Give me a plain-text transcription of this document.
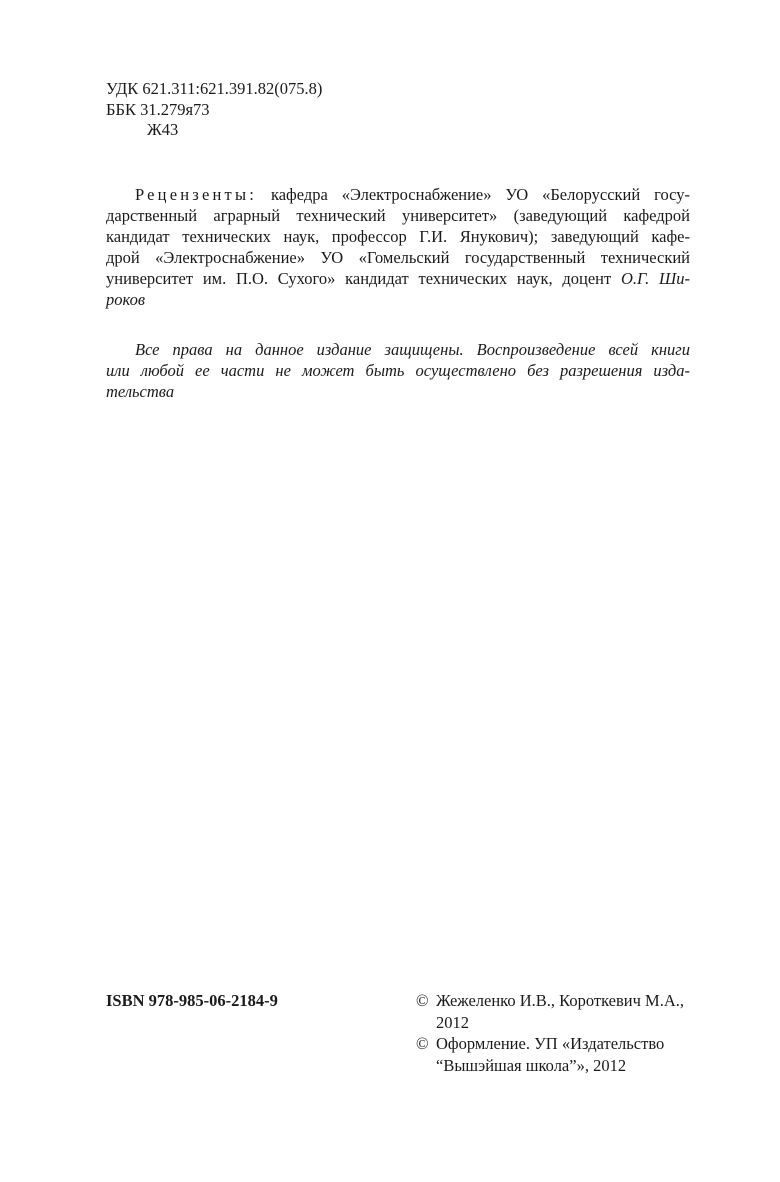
УДК 621.311:621.391.82(075.8)
ББК 31.279я73
Ж43
Рецензенты: кафедра «Электроснабжение» УО «Белорусский госу-
дарственный аграрный технический университет» (заведующий кафедрой
кандидат технических наук, профессор Г.И. Янукович); заведующий кафе-
дрой «Электроснабжение» УО «Гомельский государственный технический
университет им. П.О. Сухого» кандидат технических наук, доцент О.Г. Ши-
роков
Все права на данное издание защищены. Воспроизведение всей книги
или любой ее части не может быть осуществлено без разрешения изда-
тельства
ISBN 978-985-06-2184-9	© Жежеленко И.В., Короткевич М.А.,
2012
© Оформление. УП «Издательство
“Вышэйшая школа”», 2012
